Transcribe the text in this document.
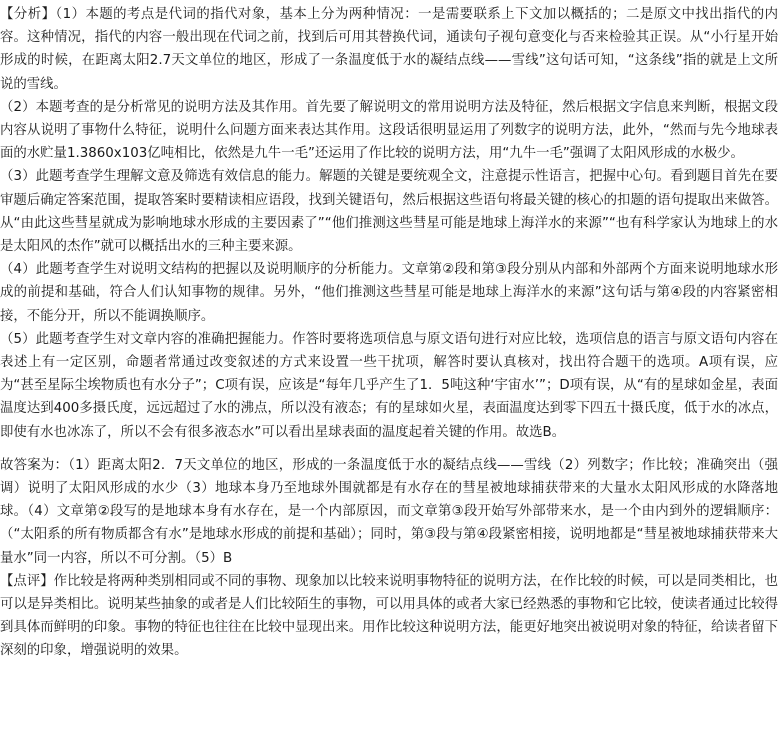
【分析】（1）本题的考点是代词的指代对象，基本上分为两种情况：一是需要联系上下文加以概括的；二是原文中找出指代的内容。这种情况，指代的内容一般出现在代词之前，找到后可用其替换代词，通读句子视句意变化与否来检验其正误。从“小行星开始形成的时候，在距离太阳2.7天文单位的地区，形成了一条温度低于水的凝结点线——雪线”这句话可知，“这条线”指的就是上文所说的雪线。

（2）本题考查的是分析常见的说明方法及其作用。首先要了解说明文的常用说明方法及特征，然后根据文字信息来判断，根据文段内容从说明了事物什么特征，说明什么问题方面来表达其作用。这段话很明显运用了列数字的说明方法，此外，“然而与先今地球表面的水贮量1.3860x103亿吨相比，依然是九牛一毛”还运用了作比较的说明方法，用“九牛一毛”强调了太阳风形成的水极少。

（3）此题考查学生理解文意及筛选有效信息的能力。解题的关键是要统观全文，注意提示性语言，把握中心句。看到题目首先在要审题后确定答案范围，提取答案时要精读相应语段，找到关键语句，然后根据这些语句将最关键的核心的扣题的语句提取出来做答。从“由此这些彗星就成为影响地球水形成的主要因素了”“他们推测这些彗星可能是地球上海洋水的来源”“也有科学家认为地球上的水是太阳风的杰作”就可以概括出水的三种主要来源。

（4）此题考查学生对说明文结构的把握以及说明顺序的分析能力。文章第②段和第③段分别从内部和外部两个方面来说明地球水形成的前提和基础，符合人们认知事物的规律。另外，“他们推测这些彗星可能是地球上海洋水的来源”这句话与第④段的内容紧密相接，不能分开，所以不能调换顺序。

（5）此题考查学生对文章内容的准确把握能力。作答时要将选项信息与原文语句进行对应比较，选项信息的语言与原文语句内容在表述上有一定区别，命题者常通过改变叙述的方式来设置一些干扰项，解答时要认真核对，找出符合题干的选项。A项有误，应为“甚至星际尘埃物质也有水分子”；C项有误，应该是“每年几乎产生了1．5吨这种‘宇宙水’”；D项有误，从“有的星球如金星，表面温度达到400多摄氏度，远远超过了水的沸点，所以没有液态；有的星球如火星，表面温度达到零下四五十摄氏度，低于水的冰点，即使有水也冰冻了，所以不会有很多液态水”可以看出星球表面的温度起着关键的作用。故选B。

故答案为：（1）距离太阳2．7天文单位的地区，形成的一条温度低于水的凝结点线——雪线（2）列数字；作比较；准确突出（强调）说明了太阳风形成的水少（3）地球本身乃至地球外围就都是有水存在的彗星被地球捕获带来的大量水太阳风形成的水降落地球。（4）文章第②段写的是地球本身有水存在，是一个内部原因，而文章第③段开始写外部带来水，是一个由内到外的逻辑顺序：（“太阳系的所有物质都含有水”是地球水形成的前提和基础）；同时，第③段与第④段紧密相接，说明地都是“彗星被地球捕获带来大量水”同一内容，所以不可分割。（5）B

【点评】作比较是将两种类别相同或不同的事物、现象加以比较来说明事物特征的说明方法，在作比较的时候，可以是同类相比，也可以是异类相比。说明某些抽象的或者是人们比较陌生的事物，可以用具体的或者大家已经熟悉的事物和它比较，使读者通过比较得到具体而鲜明的印象。事物的特征也往往在比较中显现出来。用作比较这种说明方法，能更好地突出被说明对象的特征，给读者留下深刻的印象，增强说明的效果。
